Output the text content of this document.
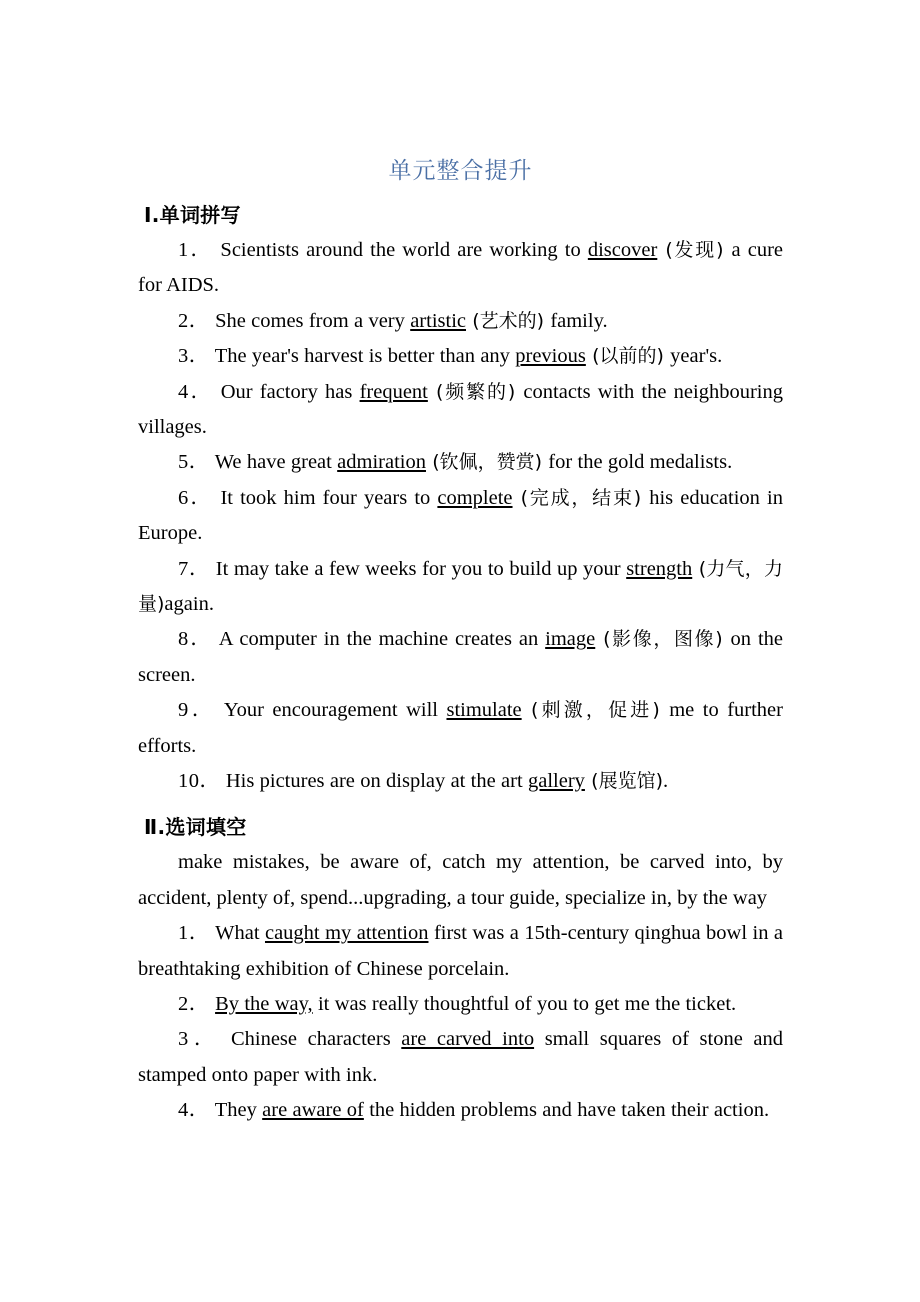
单元整合提升
Ⅰ.单词拼写

1． Scientists around the world are working to discover (发现) a cure for AIDS.

2． She comes from a very artistic (艺术的) family.

3． The year's harvest is better than any previous (以前的) year's.

4． Our factory has frequent (频繁的) contacts with the neighbouring villages.

5． We have great admiration (钦佩，赞赏) for the gold medalists.

6． It took him four years to complete (完成，结束) his education in Europe.

7． It may take a few weeks for you to build up your strength (力气，力量)again.

8． A computer in the machine creates an image (影像，图像) on the screen.

9． Your encouragement will stimulate (刺激，促进) me to further efforts.

10． His pictures are on display at the art gallery (展览馆).

Ⅱ.选词填空

make mistakes, be aware of, catch my attention, be carved into, by accident, plenty of, spend...upgrading, a tour guide, specialize in, by the way

1． What caught my attention first was a 15th-century qinghua bowl in a breathtaking exhibition of Chinese porcelain.

2． By the way, it was really thoughtful of you to get me the ticket.

3． Chinese characters are carved into small squares of stone and stamped onto paper with ink.

4． They are aware of the hidden problems and have taken their action.
